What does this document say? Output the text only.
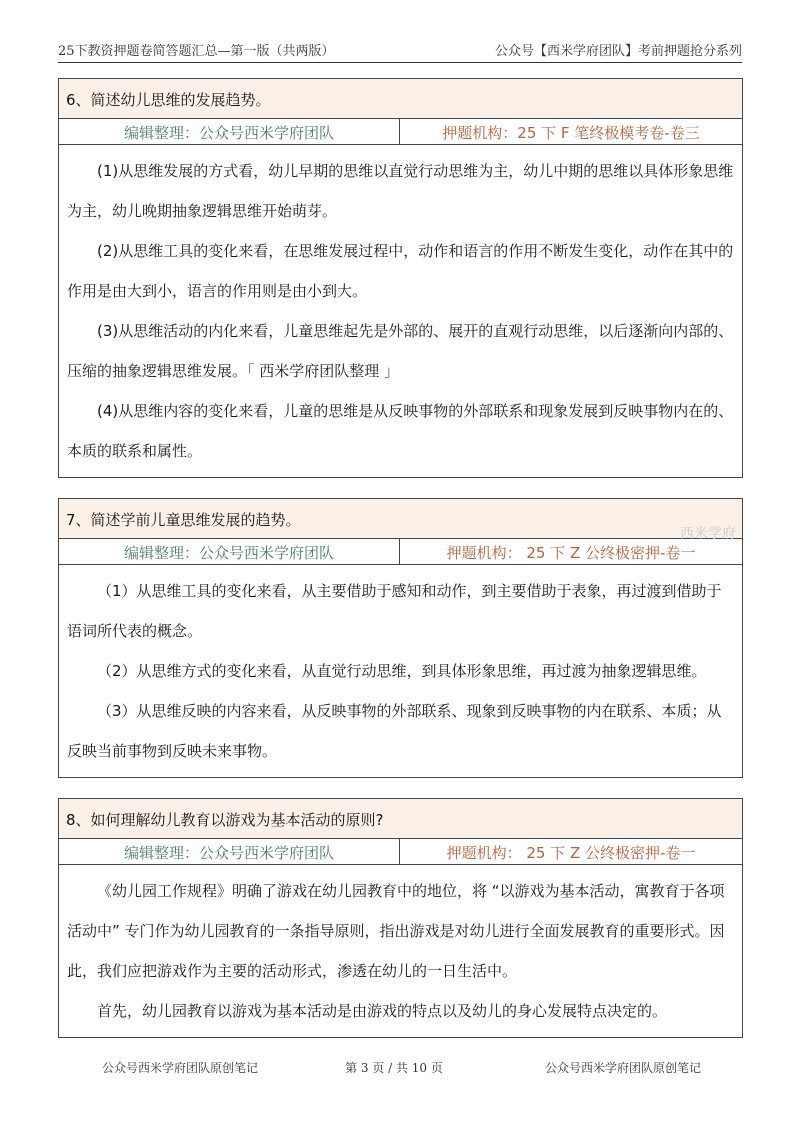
25下教资押题卷简答题汇总—第一版（共两版）	公众号【西米学府团队】考前押题抢分系列
6、简述幼儿思维的发展趋势。
编辑整理：公众号西米学府团队	押题机构：25 下 F 笔终极模考卷-卷三

(1)从思维发展的方式看，幼儿早期的思维以直觉行动思维为主，幼儿中期的思维以具体形象思维为主，幼儿晚期抽象逻辑思维开始萌芽。

(2)从思维工具的变化来看，在思维发展过程中，动作和语言的作用不断发生变化，动作在其中的作用是由大到小，语言的作用则是由小到大。

(3)从思维活动的内化来看，儿童思维起先是外部的、展开的直观行动思维，以后逐渐向内部的、压缩的抽象逻辑思维发展。「 西米学府团队整理 」

(4)从思维内容的变化来看，儿童的思维是从反映事物的外部联系和现象发展到反映事物内在的、本质的联系和属性。

7、简述学前儿童思维发展的趋势。
西米学府
编辑整理：公众号西米学府团队	押题机构： 25 下 Z 公终极密押-卷一

（1）从思维工具的变化来看，从主要借助于感知和动作，到主要借助于表象，再过渡到借助于语词所代表的概念。

（2）从思维方式的变化来看，从直觉行动思维，到具体形象思维，再过渡为抽象逻辑思维。

（3）从思维反映的内容来看，从反映事物的外部联系、现象到反映事物的内在联系、本质；从反映当前事物到反映未来事物。

8、如何理解幼儿教育以游戏为基本活动的原则?
编辑整理：公众号西米学府团队	押题机构： 25 下 Z 公终极密押-卷一

《幼儿园工作规程》明确了游戏在幼儿园教育中的地位，将 “以游戏为基本活动，寓教育于各项活动中” 专门作为幼儿园教育的一条指导原则，指出游戏是对幼儿进行全面发展教育的重要形式。因此，我们应把游戏作为主要的活动形式，渗透在幼儿的一日生活中。

首先，幼儿园教育以游戏为基本活动是由游戏的特点以及幼儿的身心发展特点决定的。

公众号西米学府团队原创笔记	第 3 页 / 共 10 页	公众号西米学府团队原创笔记
